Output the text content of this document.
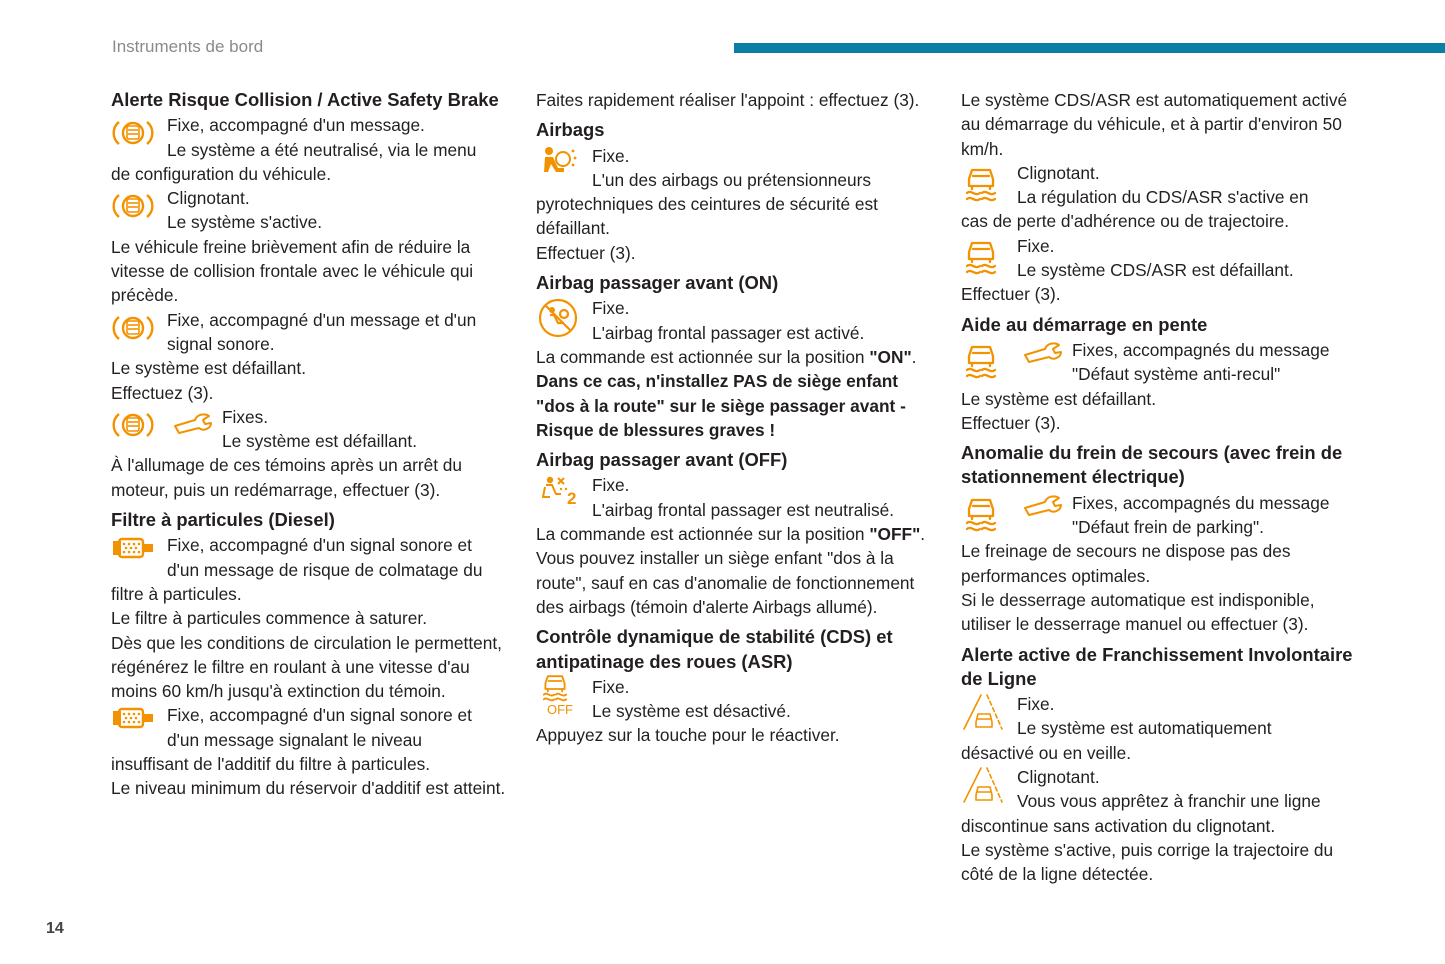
Instruments de bord
14

Alerte Risque Collision / Active Safety Brake

Fixe, accompagné d'un message.

Le système a été neutralisé, via le menu

de configuration du véhicule.

Clignotant.

Le système s'active.

Le véhicule freine brièvement afin de réduire la vitesse de collision frontale avec le véhicule qui précède.

Fixe, accompagné d'un message et d'un

signal sonore.

Le système est défaillant.

Effectuez (3).

Fixes.

Le système est défaillant.

À l'allumage de ces témoins après un arrêt du moteur, puis un redémarrage, effectuer (3).

Filtre à particules (Diesel)

Fixe, accompagné d'un signal sonore et

d'un message de risque de colmatage du

filtre à particules.

Le filtre à particules commence à saturer.

Dès que les conditions de circulation le permettent, régénérez le filtre en roulant à une vitesse d'au moins 60 km/h jusqu'à extinction du témoin.

Fixe, accompagné d'un signal sonore et

d'un message signalant le niveau

insuffisant de l'additif du filtre à particules.

Le niveau minimum du réservoir d'additif est atteint.

Faites rapidement réaliser l'appoint : effectuez (3).

Airbags

Fixe.

L'un des airbags ou prétensionneurs

pyrotechniques des ceintures de sécurité est défaillant.

Effectuer (3).

Airbag passager avant (ON)

Fixe.

L'airbag frontal passager est activé.

La commande est actionnée sur la position "ON".

Dans ce cas, n'installez PAS de siège enfant "dos à la route" sur le siège passager avant - Risque de blessures graves !

Airbag passager avant (OFF)

2

Fixe.

L'airbag frontal passager est neutralisé.

La commande est actionnée sur la position "OFF".

Vous pouvez installer un siège enfant "dos à la route", sauf en cas d'anomalie de fonctionnement des airbags (témoin d'alerte Airbags allumé).

Contrôle dynamique de stabilité (CDS) et antipatinage des roues (ASR)

OFF

Fixe.

Le système est désactivé.

Appuyez sur la touche pour le réactiver.

Le système CDS/ASR est automatiquement activé au démarrage du véhicule, et à partir d'environ 50 km/h.

Clignotant.

La régulation du CDS/ASR s'active en

cas de perte d'adhérence ou de trajectoire.

Fixe.

Le système CDS/ASR est défaillant.

Effectuer (3).

Aide au démarrage en pente

Fixes, accompagnés du message

"Défaut système anti-recul"

Le système est défaillant.

Effectuer (3).

Anomalie du frein de secours (avec frein de stationnement électrique)

Fixes, accompagnés du message

"Défaut frein de parking".

Le freinage de secours ne dispose pas des performances optimales.

Si le desserrage automatique est indisponible, utiliser le desserrage manuel ou effectuer (3).

Alerte active de Franchissement Involontaire de Ligne

Fixe.

Le système est automatiquement

désactivé ou en veille.

Clignotant.

Vous vous apprêtez à franchir une ligne

discontinue sans activation du clignotant.

Le système s'active, puis corrige la trajectoire du côté de la ligne détectée.
